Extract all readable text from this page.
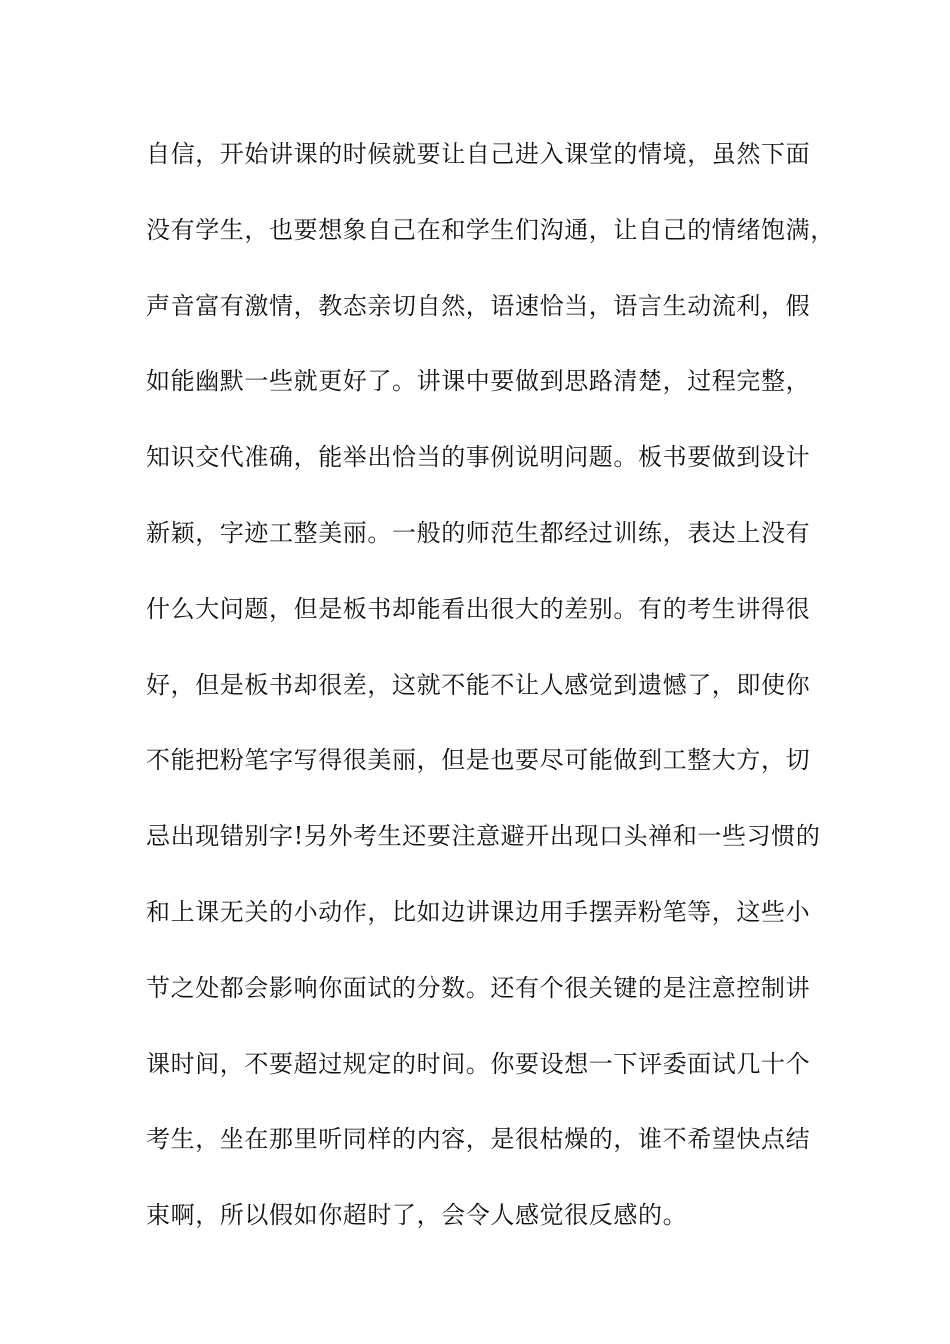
自信，开始讲课的时候就要让自己进入课堂的情境，虽然下面
没有学生，也要想象自己在和学生们沟通，让自己的情绪饱满，
声音富有激情，教态亲切自然，语速恰当，语言生动流利，假
如能幽默一些就更好了。讲课中要做到思路清楚，过程完整，
知识交代准确，能举出恰当的事例说明问题。板书要做到设计
新颖，字迹工整美丽。一般的师范生都经过训练，表达上没有
什么大问题，但是板书却能看出很大的差别。有的考生讲得很
好，但是板书却很差，这就不能不让人感觉到遗憾了，即使你
不能把粉笔字写得很美丽，但是也要尽可能做到工整大方，切
忌出现错别字!另外考生还要注意避开出现口头禅和一些习惯的
和上课无关的小动作，比如边讲课边用手摆弄粉笔等，这些小
节之处都会影响你面试的分数。还有个很关键的是注意控制讲
课时间，不要超过规定的时间。你要设想一下评委面试几十个
考生，坐在那里听同样的内容，是很枯燥的，谁不希望快点结
束啊，所以假如你超时了，会令人感觉很反感的。
